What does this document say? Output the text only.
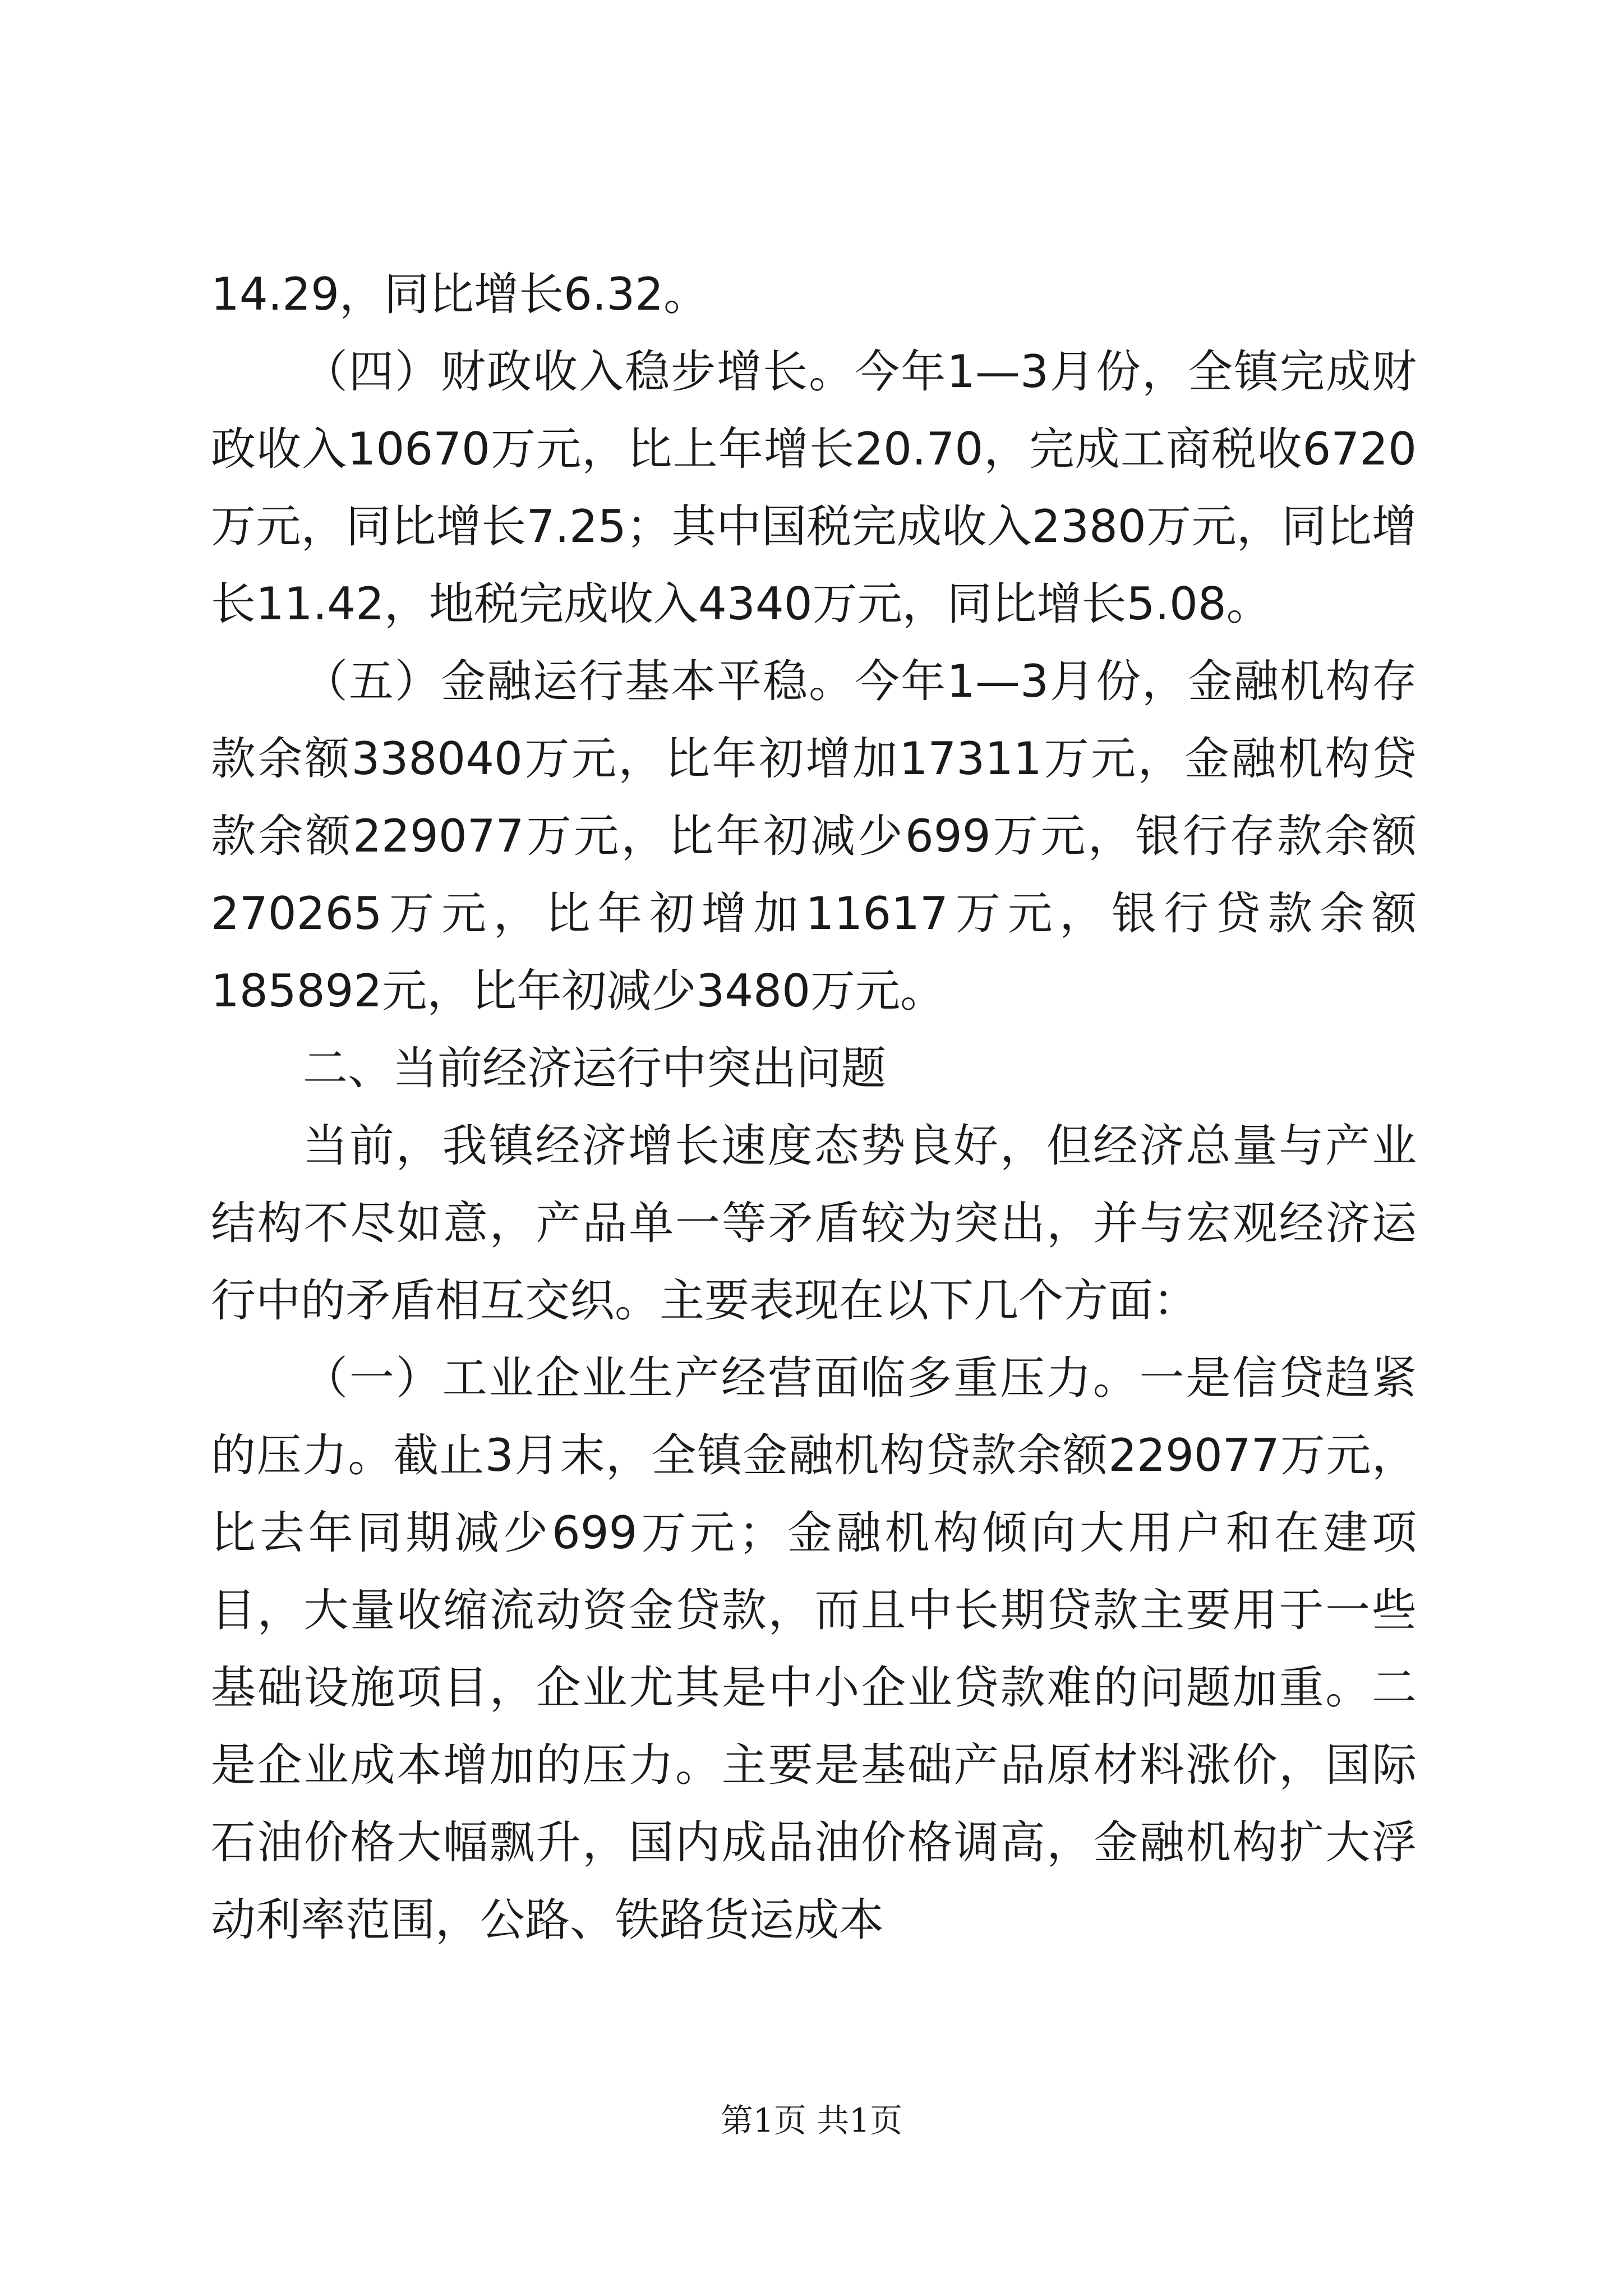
14.29，同比增长6.32。

（四）财政收入稳步增长。今年1—3月份，全镇完成财政收入10670万元，比上年增长20.70，完成工商税收6720万元，同比增长7.25；其中国税完成收入2380万元，同比增长11.42，地税完成收入4340万元，同比增长5.08。

（五）金融运行基本平稳。今年1—3月份，金融机构存款余额338040万元，比年初增加17311万元，金融机构贷款余额229077万元，比年初减少699万元，银行存款余额270265万元，比年初增加11617万元，银行贷款余额185892元，比年初减少3480万元。

二、当前经济运行中突出问题

当前，我镇经济增长速度态势良好，但经济总量与产业结构不尽如意，产品单一等矛盾较为突出，并与宏观经济运行中的矛盾相互交织。主要表现在以下几个方面：

（一）工业企业生产经营面临多重压力。一是信贷趋紧的压力。截止3月末，全镇金融机构贷款余额229077万元，比去年同期减少699万元；金融机构倾向大用户和在建项目，大量收缩流动资金贷款，而且中长期贷款主要用于一些基础设施项目，企业尤其是中小企业贷款难的问题加重。二是企业成本增加的压力。主要是基础产品原材料涨价，国际石油价格大幅飘升，国内成品油价格调高，金融机构扩大浮动利率范围，公路、铁路货运成本

第1页 共1页
